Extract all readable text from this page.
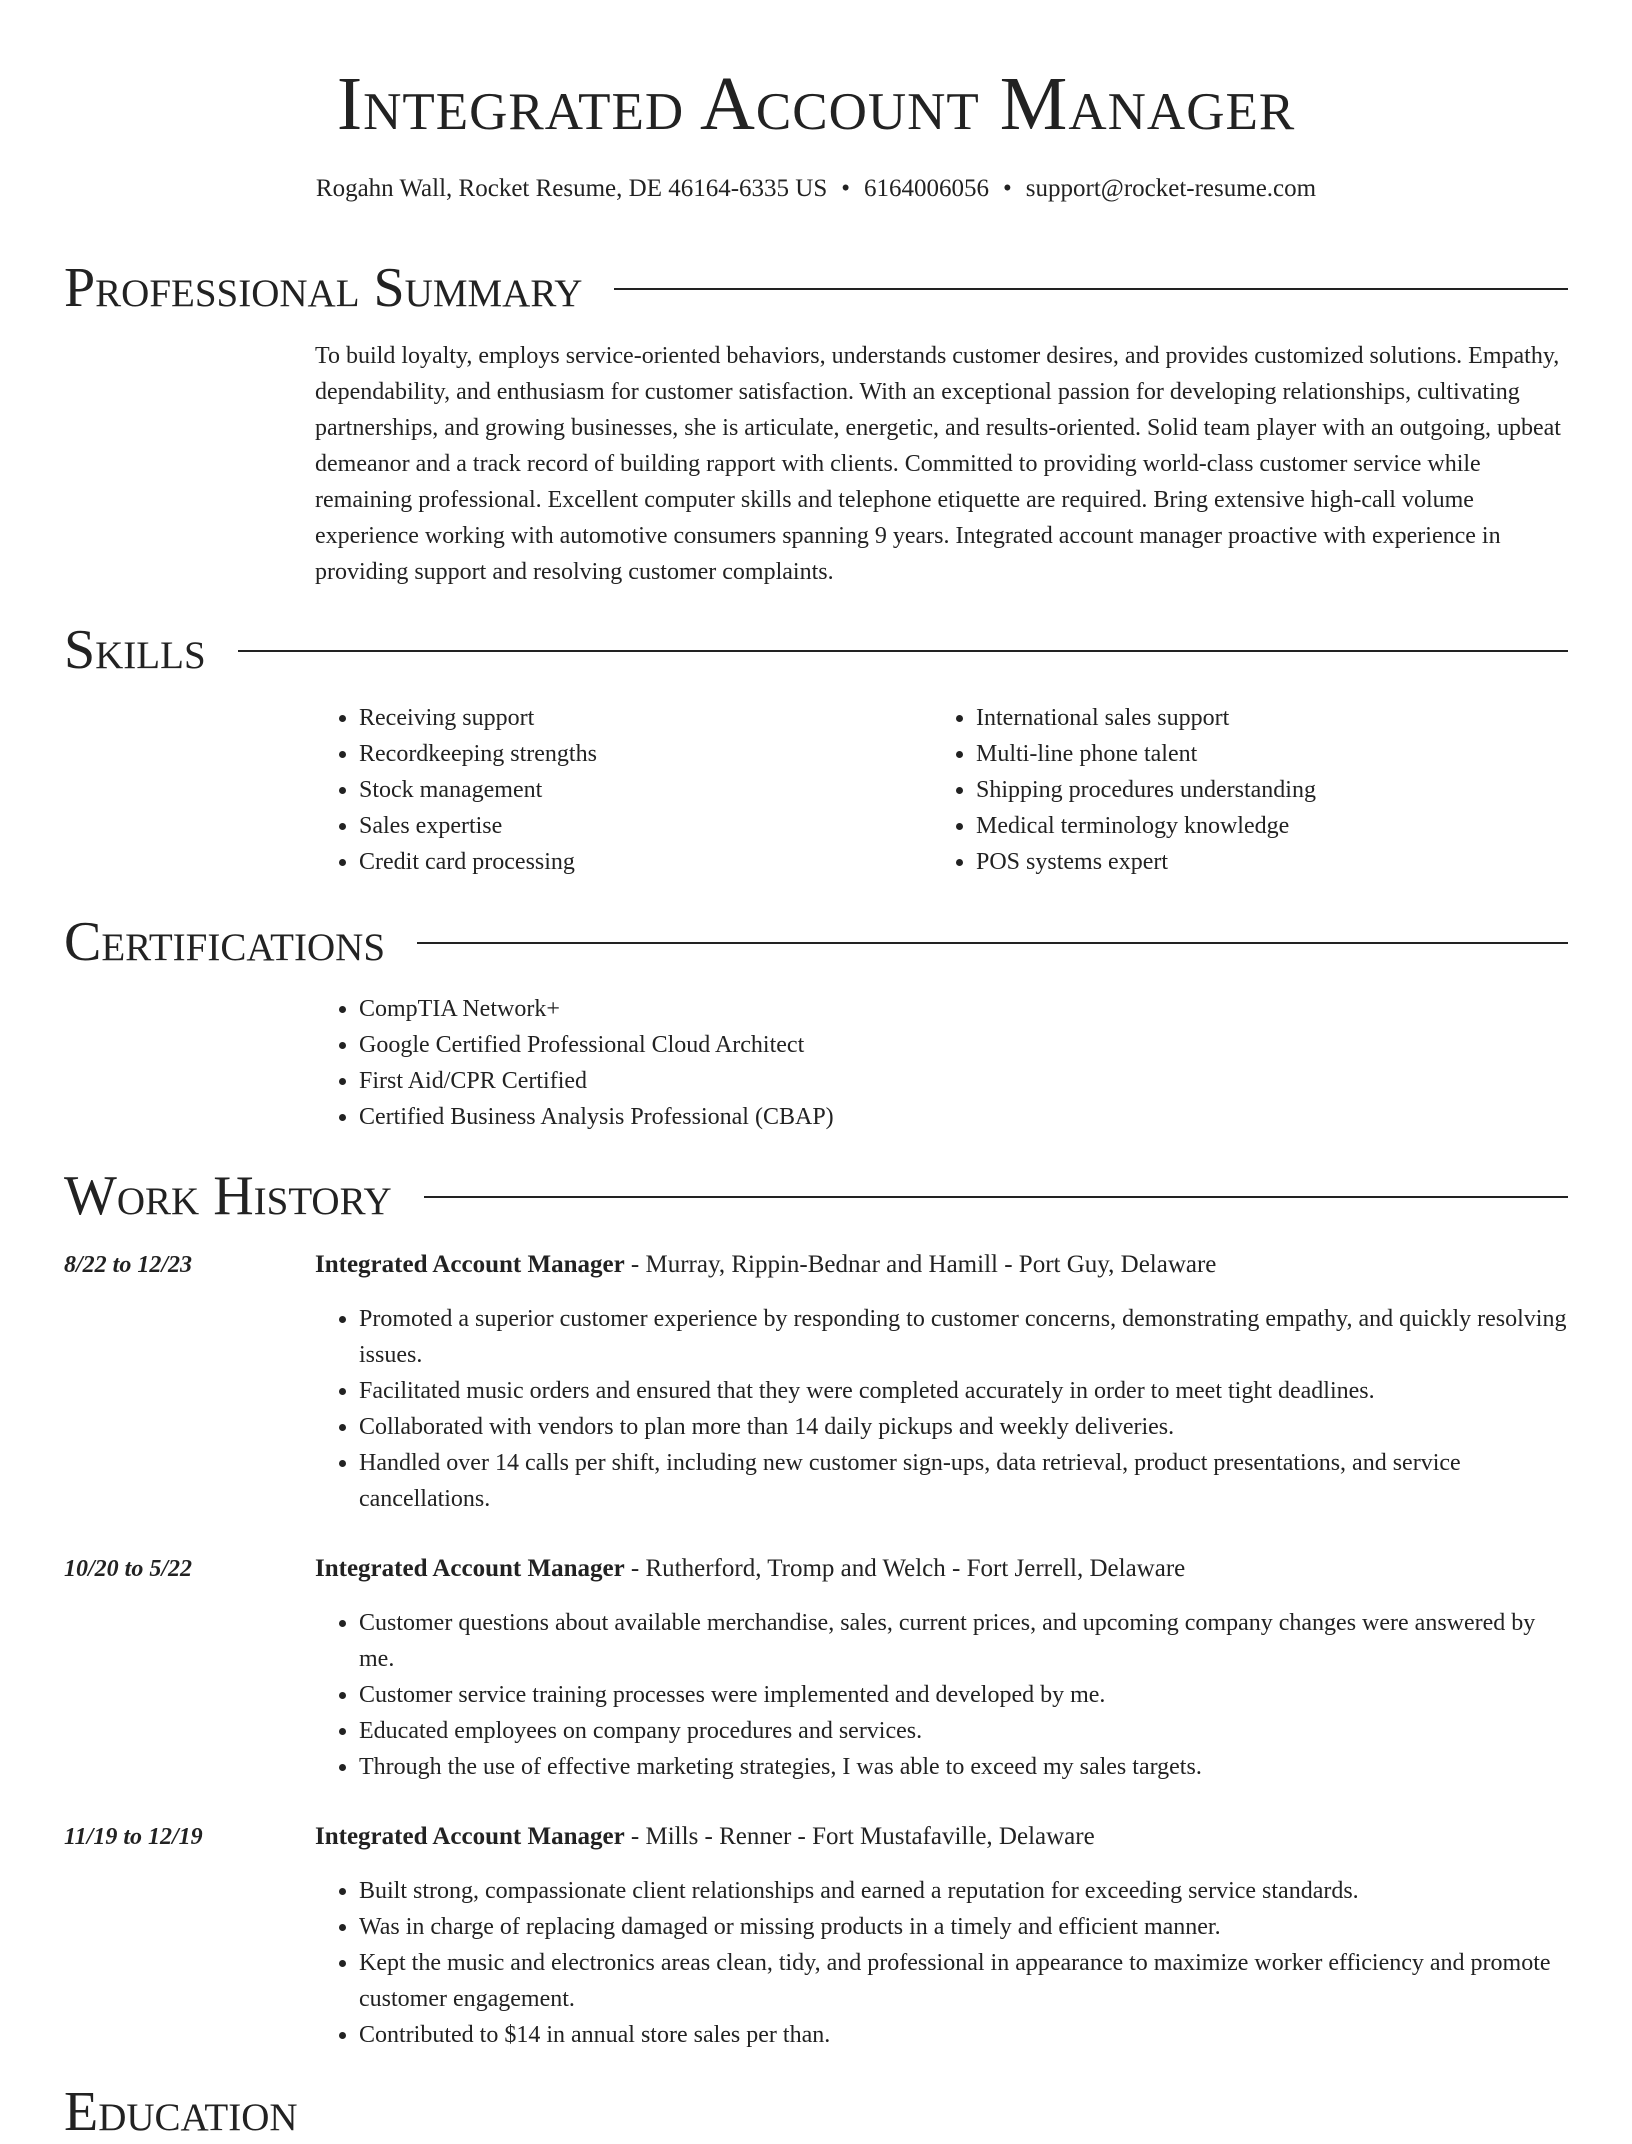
Integrated Account Manager
Rogahn Wall, Rocket Resume, DE 46164-6335 US • 6164006056 • support@rocket-resume.com
Professional Summary

To build loyalty, employs service-oriented behaviors, understands customer desires, and provides customized solutions. Empathy, dependability, and enthusiasm for customer satisfaction. With an exceptional passion for developing relationships, cultivating partnerships, and growing businesses, she is articulate, energetic, and results-oriented. Solid team player with an outgoing, upbeat demeanor and a track record of building rapport with clients. Committed to providing world-class customer service while remaining professional. Excellent computer skills and telephone etiquette are required. Bring extensive high-call volume experience working with automotive consumers spanning 9 years. Integrated account manager proactive with experience in providing support and resolving customer complaints.

Skills
• Receiving support
• Recordkeeping strengths
• Stock management
• Sales expertise
• Credit card processing
• International sales support
• Multi-line phone talent
• Shipping procedures understanding
• Medical terminology knowledge
• POS systems expert
Certifications
• CompTIA Network+
• Google Certified Professional Cloud Architect
• First Aid/CPR Certified
• Certified Business Analysis Professional (CBAP)
Work History
8/22 to 12/23	Integrated Account Manager - Murray, Rippin-Bednar and Hamill - Port Guy, Delaware
• Promoted a superior customer experience by responding to customer concerns, demonstrating empathy, and quickly resolving issues.
• Facilitated music orders and ensured that they were completed accurately in order to meet tight deadlines.
• Collaborated with vendors to plan more than 14 daily pickups and weekly deliveries.
• Handled over 14 calls per shift, including new customer sign-ups, data retrieval, product presentations, and service cancellations.
10/20 to 5/22	Integrated Account Manager - Rutherford, Tromp and Welch - Fort Jerrell, Delaware
• Customer questions about available merchandise, sales, current prices, and upcoming company changes were answered by me.
• Customer service training processes were implemented and developed by me.
• Educated employees on company procedures and services.
• Through the use of effective marketing strategies, I was able to exceed my sales targets.
11/19 to 12/19	Integrated Account Manager - Mills - Renner - Fort Mustafaville, Delaware
• Built strong, compassionate client relationships and earned a reputation for exceeding service standards.
• Was in charge of replacing damaged or missing products in a timely and efficient manner.
• Kept the music and electronics areas clean, tidy, and professional in appearance to maximize worker efficiency and promote customer engagement.
• Contributed to $14 in annual store sales per than.
Education
